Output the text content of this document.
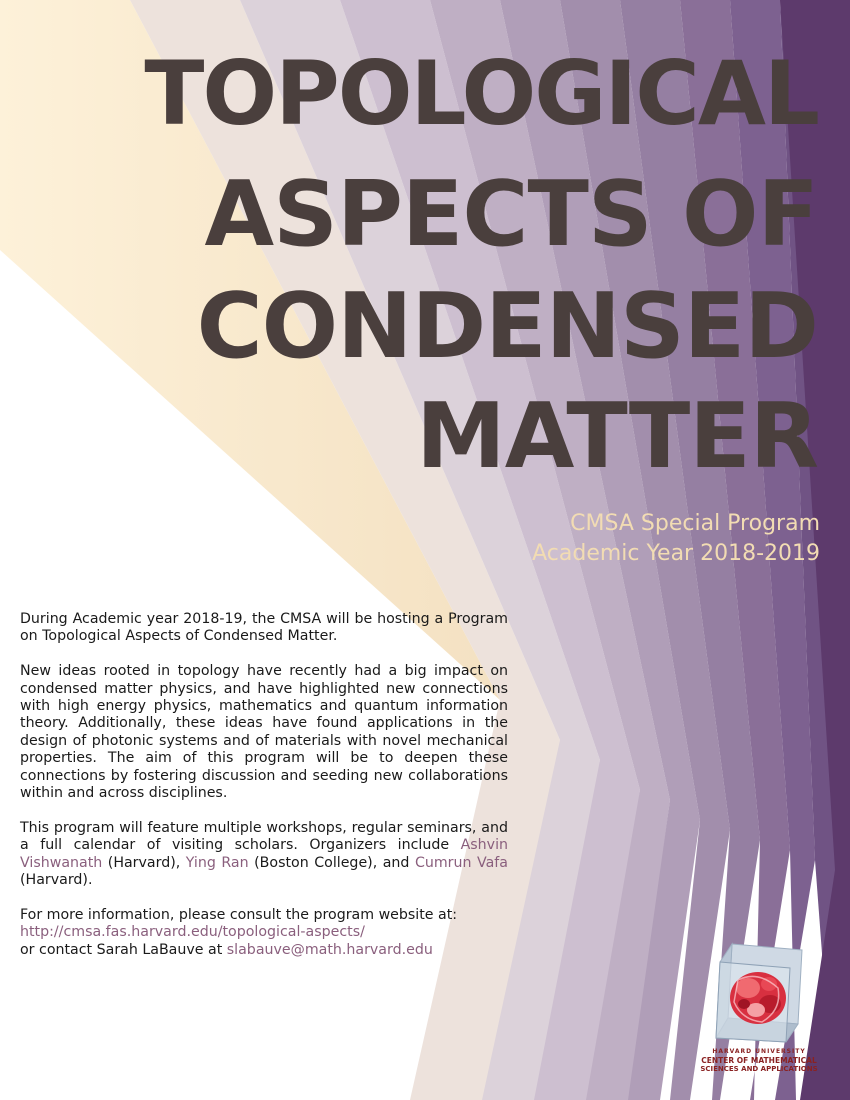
TOPOLOGICAL
ASPECTS OF
CONDENSED
MATTER
CMSA Special Program
Academic Year 2018-2019

During Academic year 2018-19, the CMSA will be hosting a Program on Topological Aspects of Condensed Matter.

New ideas rooted in topology have recently had a big impact on condensed matter physics, and have highlighted new connections with high energy physics, mathematics and quantum information theory. Additionally, these ideas have found applications in the design of photonic systems and of materials with novel mechanical properties. The aim of this program will be to deepen these connections by fostering discussion and seeding new collaborations within and across disciplines.

This program will feature multiple workshops, regular seminars, and a full calendar of visiting scholars. Organizers include Ashvin Vishwanath (Harvard), Ying Ran (Boston College), and Cumrun Vafa (Harvard).

For more information, please consult the program website at: http://cmsa.fas.harvard.edu/topological-aspects/
or contact Sarah LaBauve at slabauve@math.harvard.edu

HARVARD UNIVERSITY
CENTER OF MATHEMATICAL
SCIENCES AND APPLICATIONS
